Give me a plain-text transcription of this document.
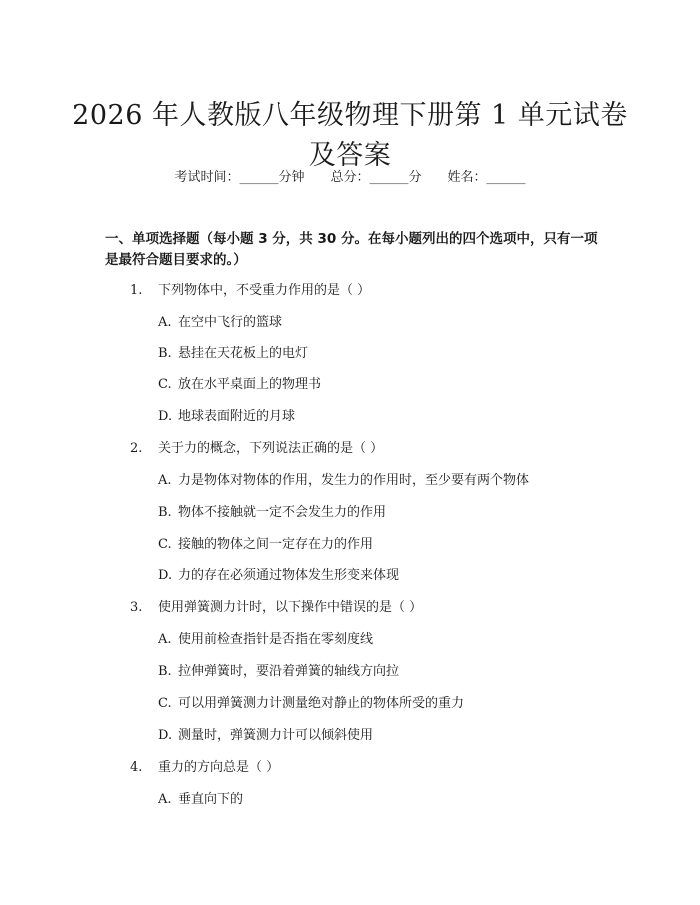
2026 年人教版八年级物理下册第 1 单元试卷
及答案
考试时间：______分钟 总分：______分 姓名：______
一、单项选择题（每小题 3 分，共 30 分。在每小题列出的四个选项中，只有一项
是最符合题目要求的。）
1. 下列物体中，不受重力作用的是（ ）
A. 在空中飞行的篮球
B. 悬挂在天花板上的电灯
C. 放在水平桌面上的物理书
D. 地球表面附近的月球
2. 关于力的概念，下列说法正确的是（ ）
A. 力是物体对物体的作用，发生力的作用时，至少要有两个物体
B. 物体不接触就一定不会发生力的作用
C. 接触的物体之间一定存在力的作用
D. 力的存在必须通过物体发生形变来体现
3. 使用弹簧测力计时，以下操作中错误的是（ ）
A. 使用前检查指针是否指在零刻度线
B. 拉伸弹簧时，要沿着弹簧的轴线方向拉
C. 可以用弹簧测力计测量绝对静止的物体所受的重力
D. 测量时，弹簧测力计可以倾斜使用
4. 重力的方向总是（ ）
A. 垂直向下的
